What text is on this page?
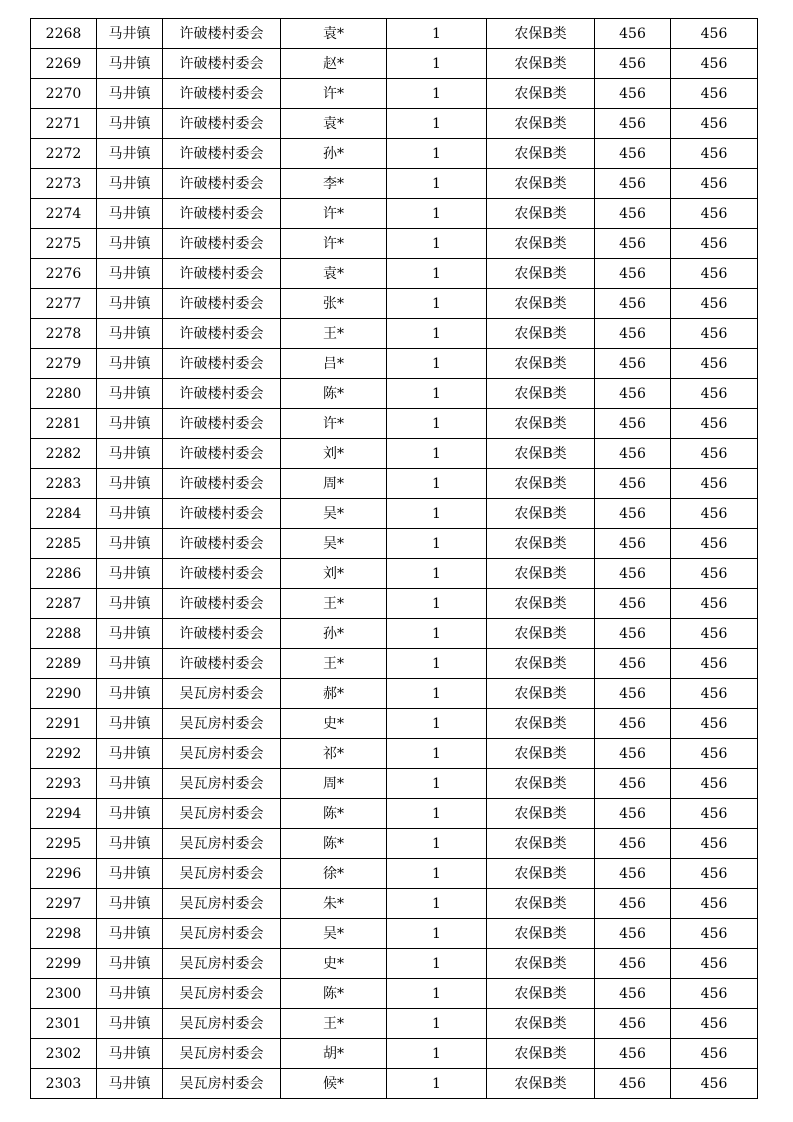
2268	马井镇	许破楼村委会	袁*	1	农保B类	456	456
2269	马井镇	许破楼村委会	赵*	1	农保B类	456	456
2270	马井镇	许破楼村委会	许*	1	农保B类	456	456
2271	马井镇	许破楼村委会	袁*	1	农保B类	456	456
2272	马井镇	许破楼村委会	孙*	1	农保B类	456	456
2273	马井镇	许破楼村委会	李*	1	农保B类	456	456
2274	马井镇	许破楼村委会	许*	1	农保B类	456	456
2275	马井镇	许破楼村委会	许*	1	农保B类	456	456
2276	马井镇	许破楼村委会	袁*	1	农保B类	456	456
2277	马井镇	许破楼村委会	张*	1	农保B类	456	456
2278	马井镇	许破楼村委会	王*	1	农保B类	456	456
2279	马井镇	许破楼村委会	吕*	1	农保B类	456	456
2280	马井镇	许破楼村委会	陈*	1	农保B类	456	456
2281	马井镇	许破楼村委会	许*	1	农保B类	456	456
2282	马井镇	许破楼村委会	刘*	1	农保B类	456	456
2283	马井镇	许破楼村委会	周*	1	农保B类	456	456
2284	马井镇	许破楼村委会	吴*	1	农保B类	456	456
2285	马井镇	许破楼村委会	吴*	1	农保B类	456	456
2286	马井镇	许破楼村委会	刘*	1	农保B类	456	456
2287	马井镇	许破楼村委会	王*	1	农保B类	456	456
2288	马井镇	许破楼村委会	孙*	1	农保B类	456	456
2289	马井镇	许破楼村委会	王*	1	农保B类	456	456
2290	马井镇	吴瓦房村委会	郝*	1	农保B类	456	456
2291	马井镇	吴瓦房村委会	史*	1	农保B类	456	456
2292	马井镇	吴瓦房村委会	祁*	1	农保B类	456	456
2293	马井镇	吴瓦房村委会	周*	1	农保B类	456	456
2294	马井镇	吴瓦房村委会	陈*	1	农保B类	456	456
2295	马井镇	吴瓦房村委会	陈*	1	农保B类	456	456
2296	马井镇	吴瓦房村委会	徐*	1	农保B类	456	456
2297	马井镇	吴瓦房村委会	朱*	1	农保B类	456	456
2298	马井镇	吴瓦房村委会	吴*	1	农保B类	456	456
2299	马井镇	吴瓦房村委会	史*	1	农保B类	456	456
2300	马井镇	吴瓦房村委会	陈*	1	农保B类	456	456
2301	马井镇	吴瓦房村委会	王*	1	农保B类	456	456
2302	马井镇	吴瓦房村委会	胡*	1	农保B类	456	456
2303	马井镇	吴瓦房村委会	候*	1	农保B类	456	456
